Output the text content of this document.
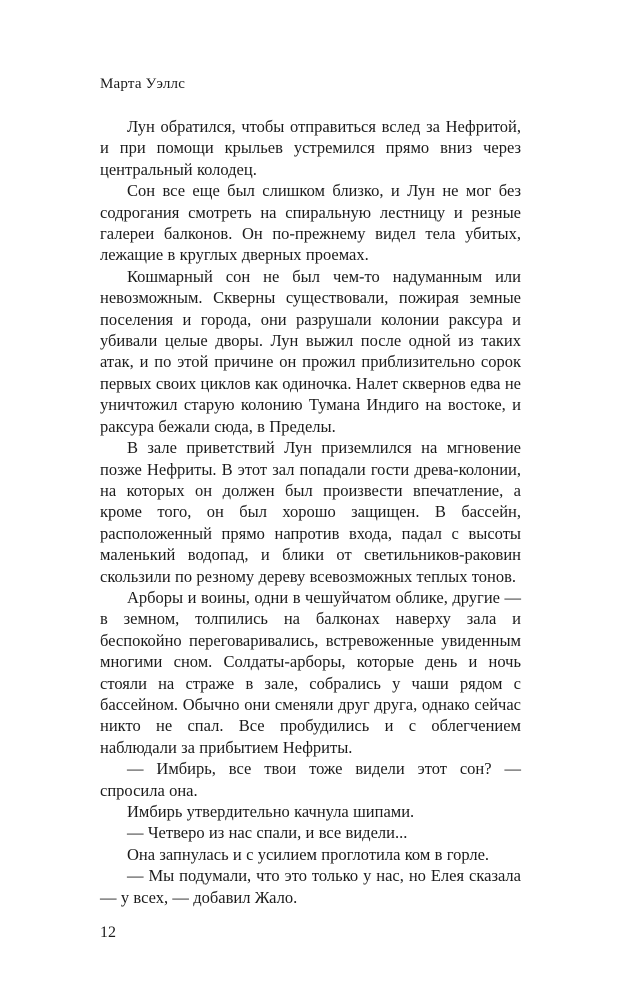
Марта Уэллс

Лун обратился, чтобы отправиться вслед за Нефритой, и при помощи крыльев устремился прямо вниз через центральный колодец.

Сон все еще был слишком близко, и Лун не мог без содрогания смотреть на спиральную лестницу и резные галереи балконов. Он по-прежнему видел тела убитых, лежащие в круглых дверных проемах.

Кошмарный сон не был чем-то надуманным или невозможным. Скверны существовали, пожирая земные поселения и города, они разрушали колонии раксура и убивали целые дворы. Лун выжил после одной из таких атак, и по этой причине он прожил приблизительно сорок первых своих циклов как одиночка. Налет сквернов едва не уничтожил старую колонию Тумана Индиго на востоке, и раксура бежали сюда, в Пределы.

В зале приветствий Лун приземлился на мгновение позже Нефриты. В этот зал попадали гости древа-колонии, на которых он должен был произвести впечатление, а кроме того, он был хорошо защищен. В бассейн, расположенный прямо напротив входа, падал с высоты маленький водопад, и блики от светильников-раковин скользили по резному дереву всевозможных теплых тонов.

Арборы и воины, одни в чешуйчатом облике, другие — в земном, толпились на балконах наверху зала и беспокойно переговаривались, встревоженные увиденным многими сном. Солдаты-арборы, которые день и ночь стояли на страже в зале, собрались у чаши рядом с бассейном. Обычно они сменяли друг друга, однако сейчас никто не спал. Все пробудились и с облегчением наблюдали за прибытием Нефриты.

— Имбирь, все твои тоже видели этот сон? — спросила она.

Имбирь утвердительно качнула шипами.

— Четверо из нас спали, и все видели...

Она запнулась и с усилием проглотила ком в горле.

— Мы подумали, что это только у нас, но Елея сказала — у всех, — добавил Жало.

12
